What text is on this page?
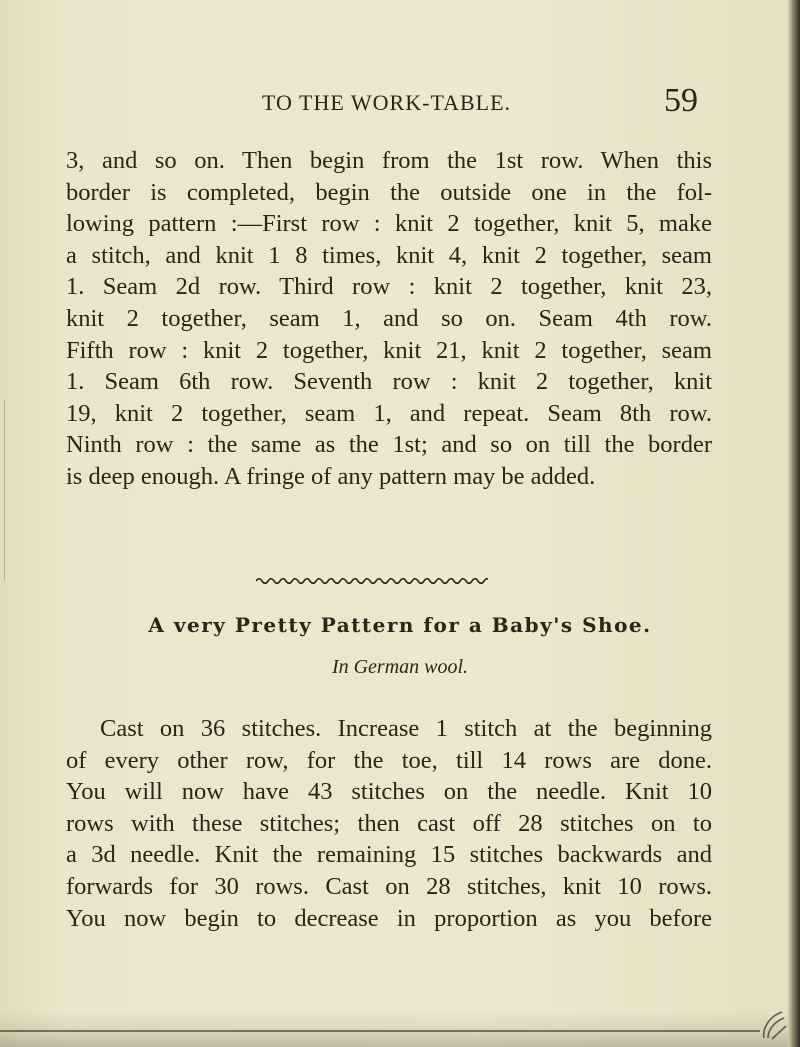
TO THE WORK-TABLE.	59
3, and so on. Then begin from the 1st row. When this
border is completed, begin the outside one in the fol-
lowing pattern :—First row : knit 2 together, knit 5, make
a stitch, and knit 1 8 times, knit 4, knit 2 together, seam
1. Seam 2d row. Third row : knit 2 together, knit 23,
knit 2 together, seam 1, and so on. Seam 4th row.
Fifth row : knit 2 together, knit 21, knit 2 together, seam
1. Seam 6th row. Seventh row : knit 2 together, knit
19, knit 2 together, seam 1, and repeat. Seam 8th row.
Ninth row : the same as the 1st; and so on till the border
is deep enough. A fringe of any pattern may be added.
A very Pretty Pattern for a Baby's Shoe.
In German wool.
Cast on 36 stitches. Increase 1 stitch at the beginning
of every other row, for the toe, till 14 rows are done.
You will now have 43 stitches on the needle. Knit 10
rows with these stitches; then cast off 28 stitches on to
a 3d needle. Knit the remaining 15 stitches backwards and
forwards for 30 rows. Cast on 28 stitches, knit 10 rows.
You now begin to decrease in proportion as you before
